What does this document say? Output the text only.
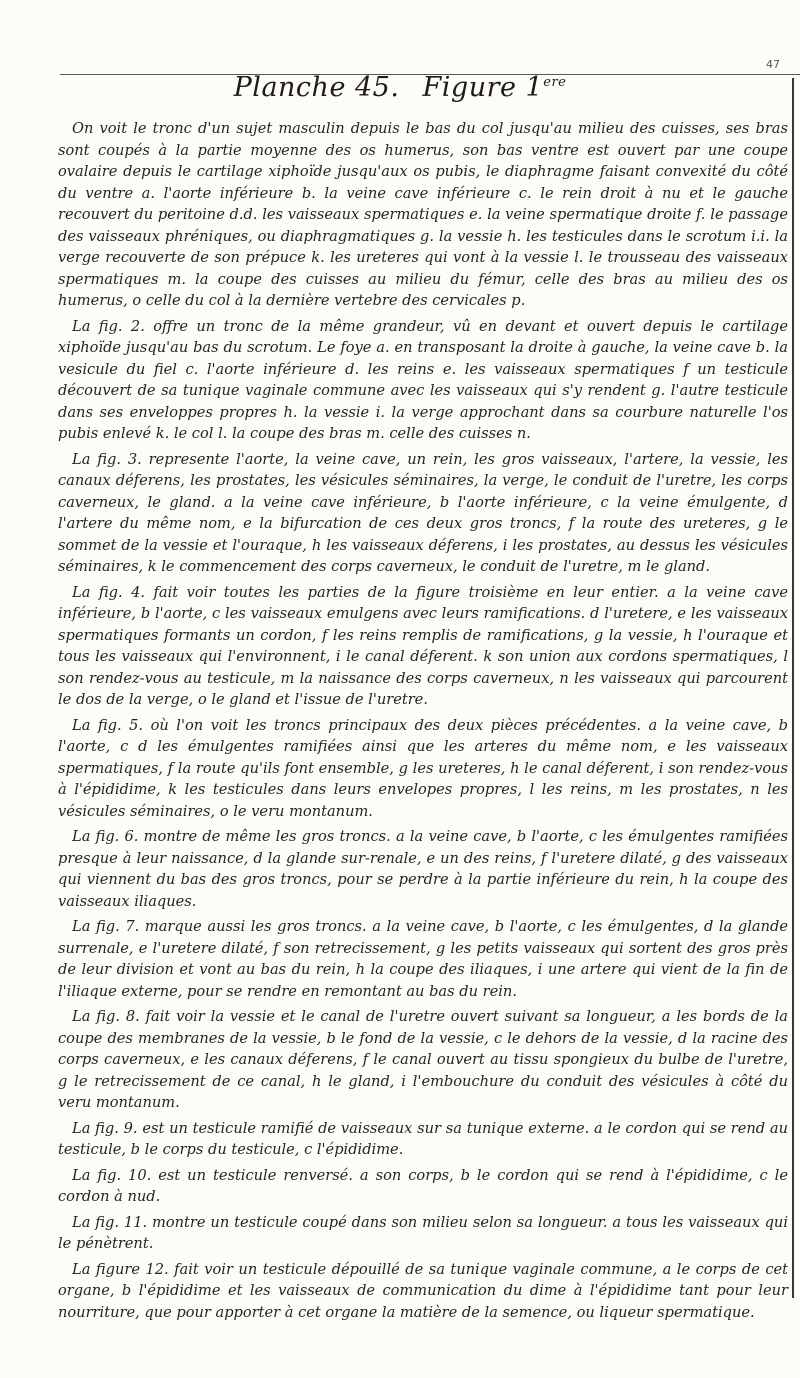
47
Planche 45. Figure 1ere

On voit le tronc d'un sujet masculin depuis le bas du col jusqu'au milieu des cuisses, ses bras sont coupés à la partie moyenne des os humerus, son bas ventre est ouvert par une coupe ovalaire depuis le cartilage xiphoïde jusqu'aux os pubis, le diaphragme faisant convexité du côté du ventre a. l'aorte inférieure b. la veine cave inférieure c. le rein droit à nu et le gauche recouvert du peritoine d.d. les vaisseaux spermatiques e. la veine spermatique droite f. le passage des vaisseaux phréniques, ou diaphragmatiques g. la vessie h. les testicules dans le scrotum i.i. la verge recouverte de son prépuce k. les ureteres qui vont à la vessie l. le trousseau des vaisseaux spermatiques m. la coupe des cuisses au milieu du fémur, celle des bras au milieu des os humerus, o celle du col à la dernière vertebre des cervicales p.

La fig. 2. offre un tronc de la même grandeur, vû en devant et ouvert depuis le cartilage xiphoïde jusqu'au bas du scrotum. Le foye a. en transposant la droite à gauche, la veine cave b. la vesicule du fiel c. l'aorte inférieure d. les reins e. les vaisseaux spermatiques f un testicule découvert de sa tunique vaginale commune avec les vaisseaux qui s'y rendent g. l'autre testicule dans ses enveloppes propres h. la vessie i. la verge approchant dans sa courbure naturelle l'os pubis enlevé k. le col l. la coupe des bras m. celle des cuisses n.

La fig. 3. represente l'aorte, la veine cave, un rein, les gros vaisseaux, l'artere, la vessie, les canaux déferens, les prostates, les vésicules séminaires, la verge, le conduit de l'uretre, les corps caverneux, le gland. a la veine cave inférieure, b l'aorte inférieure, c la veine émulgente, d l'artere du même nom, e la bifurcation de ces deux gros troncs, f la route des ureteres, g le sommet de la vessie et l'ouraque, h les vaisseaux déferens, i les prostates, au dessus les vésicules séminaires, k le commencement des corps caverneux, le conduit de l'uretre, m le gland.

La fig. 4. fait voir toutes les parties de la figure troisième en leur entier. a la veine cave inférieure, b l'aorte, c les vaisseaux emulgens avec leurs ramifications. d l'uretere, e les vaisseaux spermatiques formants un cordon, f les reins remplis de ramifications, g la vessie, h l'ouraque et tous les vaisseaux qui l'environnent, i le canal déferent. k son union aux cordons spermatiques, l son rendez-vous au testicule, m la naissance des corps caverneux, n les vaisseaux qui parcourent le dos de la verge, o le gland et l'issue de l'uretre.

La fig. 5. où l'on voit les troncs principaux des deux pièces précédentes. a la veine cave, b l'aorte, c d les émulgentes ramifiées ainsi que les arteres du même nom, e les vaisseaux spermatiques, f la route qu'ils font ensemble, g les ureteres, h le canal déferent, i son rendez-vous à l'épididime, k les testicules dans leurs envelopes propres, l les reins, m les prostates, n les vésicules séminaires, o le veru montanum.

La fig. 6. montre de même les gros troncs. a la veine cave, b l'aorte, c les émulgentes ramifiées presque à leur naissance, d la glande sur-renale, e un des reins, f l'uretere dilaté, g des vaisseaux qui viennent du bas des gros troncs, pour se perdre à la partie inférieure du rein, h la coupe des vaisseaux iliaques.

La fig. 7. marque aussi les gros troncs. a la veine cave, b l'aorte, c les émulgentes, d la glande surrenale, e l'uretere dilaté, f son retrecissement, g les petits vaisseaux qui sortent des gros près de leur division et vont au bas du rein, h la coupe des iliaques, i une artere qui vient de la fin de l'iliaque externe, pour se rendre en remontant au bas du rein.

La fig. 8. fait voir la vessie et le canal de l'uretre ouvert suivant sa longueur, a les bords de la coupe des membranes de la vessie, b le fond de la vessie, c le dehors de la vessie, d la racine des corps caverneux, e les canaux déferens, f le canal ouvert au tissu spongieux du bulbe de l'uretre, g le retrecissement de ce canal, h le gland, i l'embouchure du conduit des vésicules à côté du veru montanum.

La fig. 9. est un testicule ramifié de vaisseaux sur sa tunique externe. a le cordon qui se rend au testicule, b le corps du testicule, c l'épididime.

La fig. 10. est un testicule renversé. a son corps, b le cordon qui se rend à l'épididime, c le cordon à nud.

La fig. 11. montre un testicule coupé dans son milieu selon sa longueur. a tous les vaisseaux qui le pénètrent.

La figure 12. fait voir un testicule dépouillé de sa tunique vaginale commune, a le corps de cet organe, b l'épididime et les vaisseaux de communication du dime à l'épididime tant pour leur nourriture, que pour apporter à cet organe la matière de la semence, ou liqueur spermatique.
